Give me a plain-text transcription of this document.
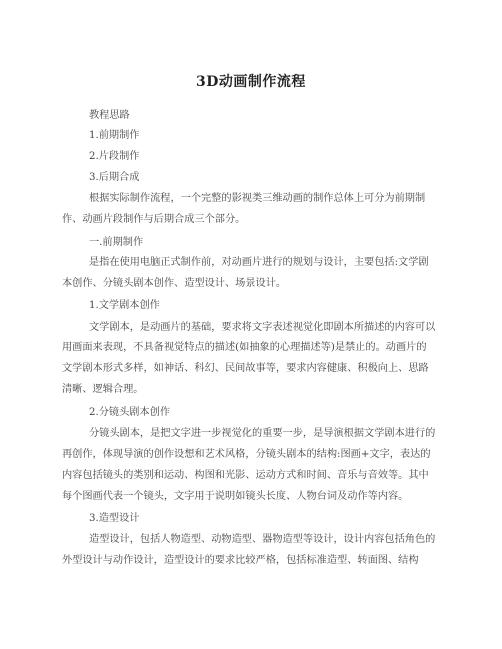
3D动画制作流程
教程思路
1.前期制作
2.片段制作
3.后期合成
根据实际制作流程，一个完整的影视类三维动画的制作总体上可分为前期制
作、动画片段制作与后期合成三个部分。
一.前期制作
是指在使用电脑正式制作前，对动画片进行的规划与设计，主要包括:文学剧
本创作、分镜头剧本创作、造型设计、场景设计。
1.文学剧本创作
文学剧本，是动画片的基础，要求将文字表述视觉化即剧本所描述的内容可以
用画面来表现，不具备视觉特点的描述(如抽象的心理描述等)是禁止的。动画片的
文学剧本形式多样，如神话、科幻、民间故事等，要求内容健康、积极向上、思路
清晰、逻辑合理。
2.分镜头剧本创作
分镜头剧本，是把文字进一步视觉化的重要一步，是导演根据文学剧本进行的
再创作，体现导演的创作设想和艺术风格，分镜头剧本的结构:图画+文字，表达的
内容包括镜头的类别和运动、构图和光影、运动方式和时间、音乐与音效等。其中
每个图画代表一个镜头，文字用于说明如镜头长度、人物台词及动作等内容。
3.造型设计
造型设计，包括人物造型、动物造型、器物造型等设计，设计内容包括角色的
外型设计与动作设计，造型设计的要求比较严格，包括标准造型、转面图、结构
